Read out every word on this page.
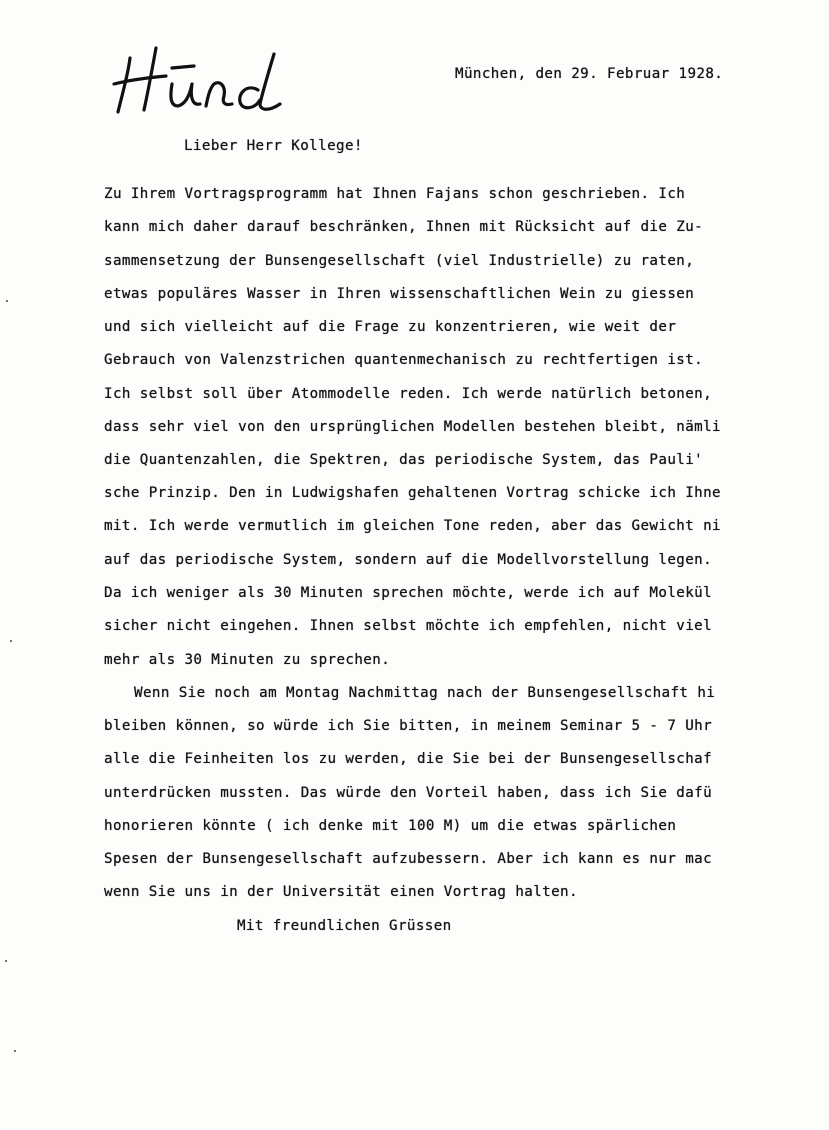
München, den 29. Februar 1928.
Lieber Herr Kollege!
Zu Ihrem Vortragsprogramm hat Ihnen Fajans schon geschrieben. Ich
kann mich daher darauf beschränken, Ihnen mit Rücksicht auf die Zu-
sammensetzung der Bunsengesellschaft (viel Industrielle) zu raten,
etwas populäres Wasser in Ihren wissenschaftlichen Wein zu giessen
und sich vielleicht auf die Frage zu konzentrieren, wie weit der
Gebrauch von Valenzstrichen quantenmechanisch zu rechtfertigen ist.
Ich selbst soll über Atommodelle reden. Ich werde natürlich betonen,
dass sehr viel von den ursprünglichen Modellen bestehen bleibt, nämli
die Quantenzahlen, die Spektren, das periodische System, das Pauli'
sche Prinzip. Den in Ludwigshafen gehaltenen Vortrag schicke ich Ihne
mit. Ich werde vermutlich im gleichen Tone reden, aber das Gewicht ni
auf das periodische System, sondern auf die Modellvorstellung legen.
Da ich weniger als 30 Minuten sprechen möchte, werde ich auf Molekül
sicher nicht eingehen. Ihnen selbst möchte ich empfehlen, nicht viel
mehr als 30 Minuten zu sprechen.
Wenn Sie noch am Montag Nachmittag nach der Bunsengesellschaft hi
bleiben können, so würde ich Sie bitten, in meinem Seminar 5 - 7 Uhr
alle die Feinheiten los zu werden, die Sie bei der Bunsengesellschaf
unterdrücken mussten. Das würde den Vorteil haben, dass ich Sie dafü
honorieren könnte ( ich denke mit 100 M) um die etwas spärlichen
Spesen der Bunsengesellschaft aufzubessern. Aber ich kann es nur mac
wenn Sie uns in der Universität einen Vortrag halten.
Mit freundlichen Grüssen
